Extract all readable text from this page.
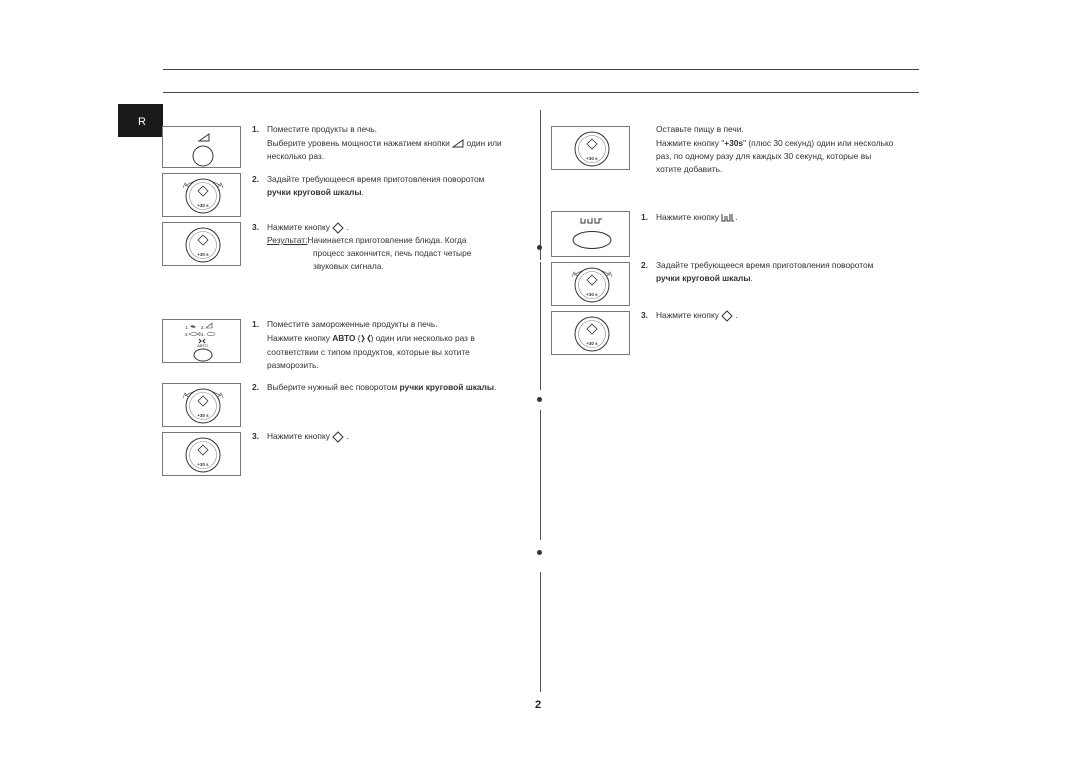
R
2
· · · · · · · ·
+30 s
· · · · · · · ·
+30 s
1. Поместите продукты в печь.
Выберите уровень мощности нажатием кнопки один или
несколько раз.
2. Задайте требующееся время приготовления поворотом
ручки круговой шкалы.
3. Нажмите кнопку  .
Результат:Начинается приготовление блюда. Когда
процесс закончится, печь подаст четыре
звуковых сигнала.
1.	2.
3.	4.
АВТО
· · · · · · · ·
+30 s
· · · · · · · ·
+30 s
1. Поместите замороженные продукты в печь.
Нажмите кнопку АВТО ( ) один или несколько раз в
соответствии с типом продуктов, которые вы хотите
разморозить.
2. Выберите нужный вес поворотом ручки круговой шкалы.
3. Нажмите кнопку  .
· · · · · · · ·
+30 s
Оставьте пищу в печи.
Нажмите кнопку "+30s" (плюс 30 секунд) один или несколько
раз, по одному разу для каждых 30 секунд, которые вы
хотите добавить.
· · · · · · · ·
+30 s
· · · · · · · ·
+30 s
1. Нажмите кнопку .
2. Задайте требующееся время приготовления поворотом
ручки круговой шкалы.
3. Нажмите кнопку  .
